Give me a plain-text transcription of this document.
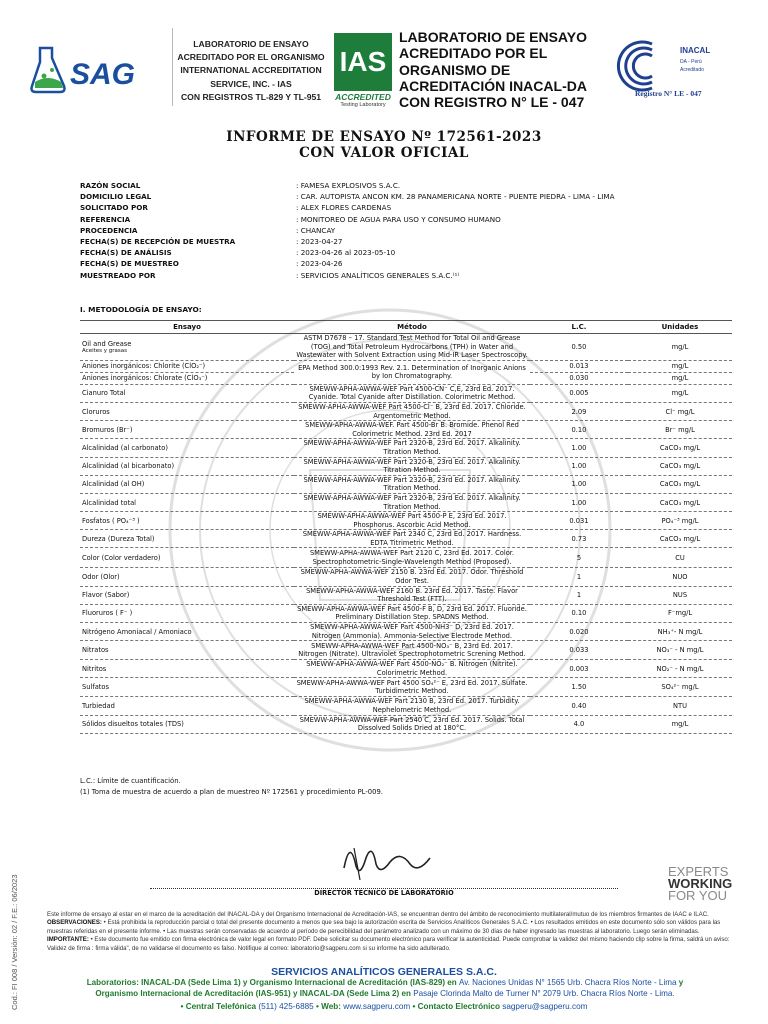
SAG
LABORATORIO DE ENSAYO
ACREDITADO POR EL ORGANISMO
INTERNATIONAL ACCREDITATION
SERVICE, INC. - IAS
CON REGISTROS TL-829 Y TL-951
IAS
ACCREDITED
Testing Laboratory
LABORATORIO DE ENSAYO
ACREDITADO POR EL
ORGANISMO DE
ACREDITACIÓN INACAL-DA
CON REGISTRO N° LE - 047
INACAL
DA - Perú
Acreditado
Registro N° LE - 047
INFORME DE ENSAYO Nº 172561-2023
CON VALOR OFICIAL
RAZÓN SOCIAL	: FAMESA EXPLOSIVOS S.A.C.
DOMICILIO LEGAL	: CAR. AUTOPISTA ANCON KM. 28 PANAMERICANA NORTE - PUENTE PIEDRA - LIMA - LIMA
SOLICITADO POR	: ALEX FLORES CARDENAS
REFERENCIA	: MONITOREO DE AGUA PARA USO Y CONSUMO HUMANO
PROCEDENCIA	: CHANCAY
FECHA(S) DE RECEPCIÓN DE MUESTRA	: 2023-04-27
FECHA(S) DE ANÁLISIS	: 2023-04-26 al 2023-05-10
FECHA(S) DE MUESTREO	: 2023-04-26
MUESTREADO POR	: SERVICIOS ANALÍTICOS GENERALES S.A.C.⁽¹⁾
I. METODOLOGÍA DE ENSAYO:
Ensayo	Método	L.C.	Unidades

Oil and Grease
Aceites y grasas	ASTM D7678 – 17. Standard Test Method for Total Oil and Grease (TOG) and Total Petroleum Hydrocarbons (TPH) in Water and Wastewater with Solvent Extraction using Mid-IR Laser Spectroscopy.	0.50	mg/L

Aniones inorgánicos: Chlorite (ClO₂⁻)	EPA Method 300.0:1993 Rev. 2.1. Determination of Inorganic Anions by Ion Chromatography.	0.013	mg/L

Aniones inorgánicos: Chlorate (ClO₃⁻)		0.030	mg/L

Cianuro Total	SMEWW-APHA-AWWA-WEF Part 4500-CN⁻ C,E, 23rd Ed. 2017. Cyanide. Total Cyanide after Distillation. Colorimetric Method.	0.005	mg/L

Cloruros	SMEWW-APHA-AWWA-WEF Part 4500-Cl⁻ B, 23rd Ed. 2017. Chloride. Argentometric Method.	2.09	Cl⁻ mg/L

Bromuros (Br⁻)	SMEWW-APHA-AWWA-WEF. Part 4500-Br B. Bromide. Phenol Red Colorimetric Method. 23rd Ed. 2017	0.10	Br⁻ mg/L

Alcalinidad (al carbonato)	SMEWW-APHA-AWWA-WEF Part 2320-B, 23rd Ed. 2017. Alkalinity. Titration Method.	1.00	CaCO₃ mg/L

Alcalinidad (al bicarbonato)	SMEWW-APHA-AWWA-WEF Part 2320-B, 23rd Ed. 2017. Alkalinity. Titration Method.	1.00	CaCO₃ mg/L

Alcalinidad (al OH)	SMEWW-APHA-AWWA-WEF Part 2320-B, 23rd Ed. 2017. Alkalinity. Titration Method.	1.00	CaCO₃ mg/L

Alcalinidad total	SMEWW-APHA-AWWA-WEF Part 2320-B, 23rd Ed. 2017. Alkalinity. Titration Method.	1.00	CaCO₃ mg/L

Fosfatos ( PO₄⁻³ )	SMEWW-APHA-AWWA-WEF Part 4500-P E, 23rd Ed. 2017. Phosphorus. Ascorbic Acid Method.	0.031	PO₄⁻³ mg/L

Dureza (Dureza Total)	SMEWW-APHA-AWWA-WEF Part 2340 C, 23rd Ed. 2017. Hardness. EDTA Titrimetric Method.	0.73	CaCO₃ mg/L

Color (Color verdadero)	SMEWW-APHA-AWWA-WEF Part 2120 C, 23rd Ed. 2017. Color. Spectrophotometric-Single-Wavelength Method (Proposed).	5	CU

Odor (Olor)	SMEWW-APHA-AWWA-WEF 2150 B. 23rd Ed. 2017. Odor. Threshold Odor Test.	1	NUO

Flavor (Sabor)	SMEWW-APHA-AWWA-WEF 2160 B. 23rd Ed. 2017. Taste. Flavor Threshold Test (FTT).	1	NUS

Fluoruros ( F⁻ )	SMEWW-APHA-AWWA-WEF Part 4500-F B, D, 23rd Ed. 2017. Fluoride. Preliminary Distillation Step. SPADNS Method.	0.10	F⁻mg/L

Nitrógeno Amoniacal / Amoniaco	SMEWW-APHA-AWWA-WEF Part 4500-NH3⁻ D, 23rd Ed. 2017. Nitrogen (Ammonia). Ammonia-Selective Electrode Method.	0.020	NH₃⁺- N mg/L

Nitratos	SMEWW-APHA-AWWA-WEF Part 4500-NO₃⁻ B, 23rd Ed. 2017. Nitrogen (Nitrate). Ultraviolet Spectrophotometric Screning Method.	0.033	NO₃⁻ - N mg/L

Nitritos	SMEWW-APHA-AWWA-WEF Part 4500-NO₂⁻ B. Nitrogen (Nitrite). Colorimetric Method.	0.003	NO₂⁻ - N mg/L

Sulfatos	SMEWW-APHA-AWWA-WEF Part 4500 SO₄²⁻ E, 23rd Ed. 2017. Sulfate. Turbidimetric Method.	1.50	SO₄²⁻ mg/L

Turbiedad	SMEWW-APHA-AWWA-WEF Part 2130 B, 23rd Ed. 2017. Turbidity. Nephelometric Method.	0.40	NTU

Sólidos disueltos totales (TDS)	SMEWW-APHA-AWWA-WEF Part 2540 C, 23rd Ed. 2017. Solids. Total Dissolved Solids Dried at 180°C.	4.0	mg/L
L.C.: Límite de cuantificación.
(1) Toma de muestra de acuerdo a plan de muestreo Nº 172561 y procedimiento PL-009.
DIRECTOR TÉCNICO DE LABORATORIO
EXPERTS
WORKING
FOR YOU
Cod.: FI 008 / Versión: 02 / F.E.: 06/2023	Este informe de ensayo al estar en el marco de la acreditación del INACAL-DA y del Organismo Internacional de Acreditación-IAS, se encuentran dentro del ámbito de reconocimiento multilateral/mutuo de los miembros firmantes de IAAC e ILAC.
OBSERVACIONES: • Está prohibida la reproducción parcial o total del presente documento a menos que sea bajo la autorización escrita de Servicios Analíticos Generales S.A.C. • Los resultados emitidos en este documento sólo son válidos para las muestras referidas en el presente informe. • Las muestras serán conservadas de acuerdo al período de perecibilidad del parámetro analizado con un máximo de 30 días de haber ingresado las muestras al laboratorio. Luego serán eliminadas.
IMPORTANTE: • Este documento fue emitido con firma electrónica de valor legal en formato PDF. Debe solicitar su documento electrónico para verificar la autenticidad. Puede comprobar la validez del mismo haciendo clip sobre la firma, saldrá un aviso: Validez de firma : firma válida", de no validarse el documento es falso. Notifique al correo: laboratorio@sagperu.com si su informe ha sido adulterado.
SERVICIOS ANALÍTICOS GENERALES S.A.C.
Laboratorios: INACAL-DA (Sede Lima 1) y Organismo Internacional de Acreditación (IAS-829) en Av. Naciones Unidas N° 1565 Urb. Chacra Ríos Norte - Lima y
Organismo Internacional de Acreditación (IAS-951) y INACAL-DA (Sede Lima 2) en Pasaje Clorinda Malto de Turner N° 2079 Urb. Chacra Ríos Norte - Lima.
• Central Telefónica (511) 425-6885 • Web: www.sagperu.com • Contacto Electrónico sagperu@sagperu.com
